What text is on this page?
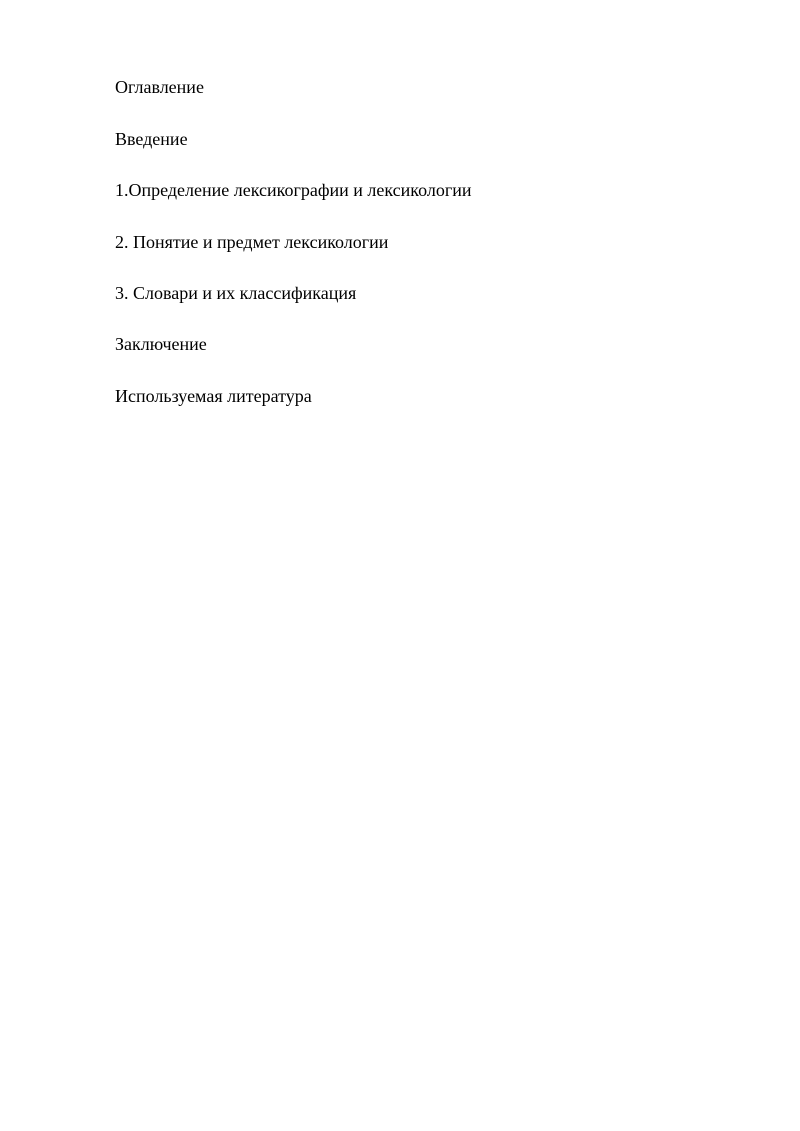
Оглавление
Введение
1.Определение лексикографии и лексикологии
2. Понятие и предмет лексикологии
3. Словари и их классификация
Заключение
Используемая литература
